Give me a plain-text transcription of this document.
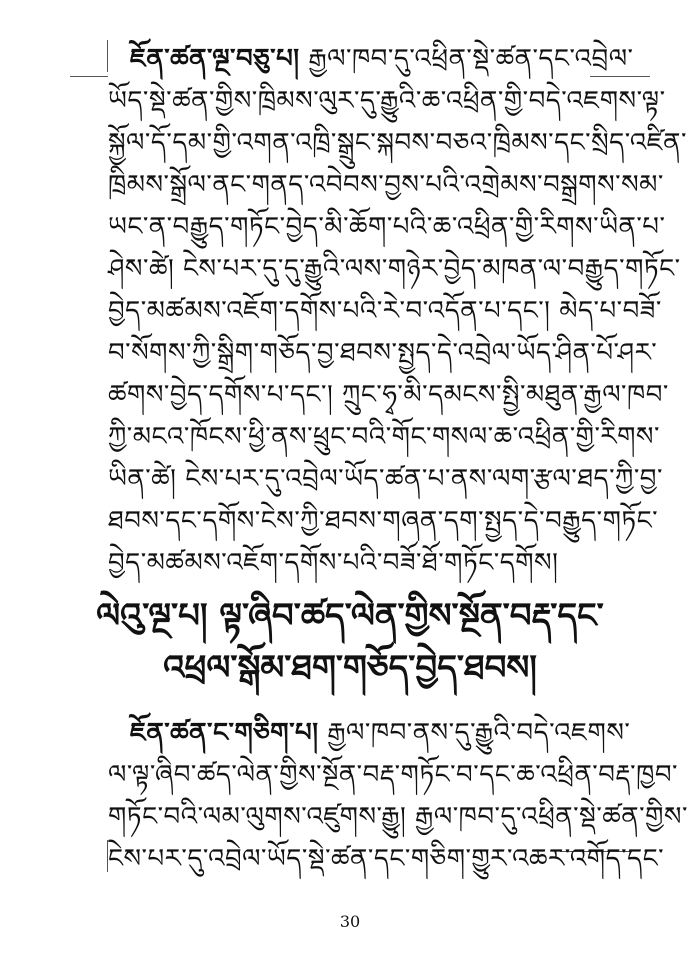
ཇོན་ཚན་ལྔ་བཅུ་པ། རྒྱལ་ཁབ་དུ་འཕྲིན་སྡེ་ཚན་དང་འབྲེལ་
ཡོད་སྡེ་ཚན་གྱིས་ཁྲིམས་ལུར་དུ་རྒྱུའི་ཆ་འཕྲིན་གྱི་བདེ་འཇགས་ལྟ་
སྐྱོལ་དོ་དམ་གྱི་འགན་འཁྲི་སྒྲུང་སྐབས་བཅའ་ཁྲིམས་དང་སྲིད་འཛིན་
ཁྲིམས་སྒྲོལ་ནང་གནད་འབེབས་བྱས་པའི་འགྲེམས་བསྒྲགས་སམ་
ཡང་ན་བརྒྱུད་གཏོང་བྱེད་མི་ཆོག་པའི་ཆ་འཕྲིན་གྱི་རིགས་ཡིན་པ་
ཤེས་ཚེ། ངེས་པར་དུ་དུ་རྒྱུའི་ལས་གཉེར་བྱེད་མཁན་ལ་བརྒྱུད་གཏོང་
བྱེད་མཚམས་འཇོག་དགོས་པའི་རེ་བ་འདོན་པ་དང་། མེད་པ་བཟོ་
བ་སོགས་ཀྱི་སྒྲིག་གཅོད་བྱ་ཐབས་སྤྱད་དེ་འབྲེལ་ཡོད་ཤིན་པོ་ཤར་
ཚགས་བྱེད་དགོས་པ་དང་། ཀྲུང་ཧྭ་མི་དམངས་སྤྱི་མཐུན་རྒྱལ་ཁབ་
ཀྱི་མངའ་ཁོངས་ཕྱི་ནས་ཕྲུང་བའི་གོང་གསལ་ཆ་འཕྲིན་གྱི་རིགས་
ཡིན་ཚེ། ངེས་པར་དུ་འབྲེལ་ཡོད་ཚན་པ་ནས་ལག་རྩལ་ཐད་ཀྱི་བྱ་
ཐབས་དང་དགོས་ངེས་ཀྱི་ཐབས་གཞན་དག་སྤྱད་དེ་བརྒྱུད་གཏོང་
བྱེད་མཚམས་འཇོག་དགོས་པའི་བཟོ་ཐོ་གཏོང་དགོས།
ལེའུ་ལྔ་པ། ལྟ་ཞིབ་ཚད་ལེན་གྱིས་སྔོན་བརྡ་དང་
འཕྲལ་སྒོམ་ཐག་གཅོད་བྱེད་ཐབས།
ཇོན་ཚན་ང་གཅིག་པ། རྒྱལ་ཁབ་ནས་དུ་རྒྱུའི་བདེ་འཇགས་
ལ་ལྟ་ཞིབ་ཚད་ལེན་གྱིས་སྔོན་བརྡ་གཏོང་བ་དང་ཆ་འཕྲིན་བརྡ་ཁྱབ་
གཏོང་བའི་ལམ་ལུགས་འཛུགས་རྒྱུ། རྒྱལ་ཁབ་དུ་འཕྲིན་སྡེ་ཚན་གྱིས་
ངེས་པར་དུ་འབྲེལ་ཡོད་སྡེ་ཚན་དང་གཅིག་གྱུར་འཆར་འགོད་དང་
30
